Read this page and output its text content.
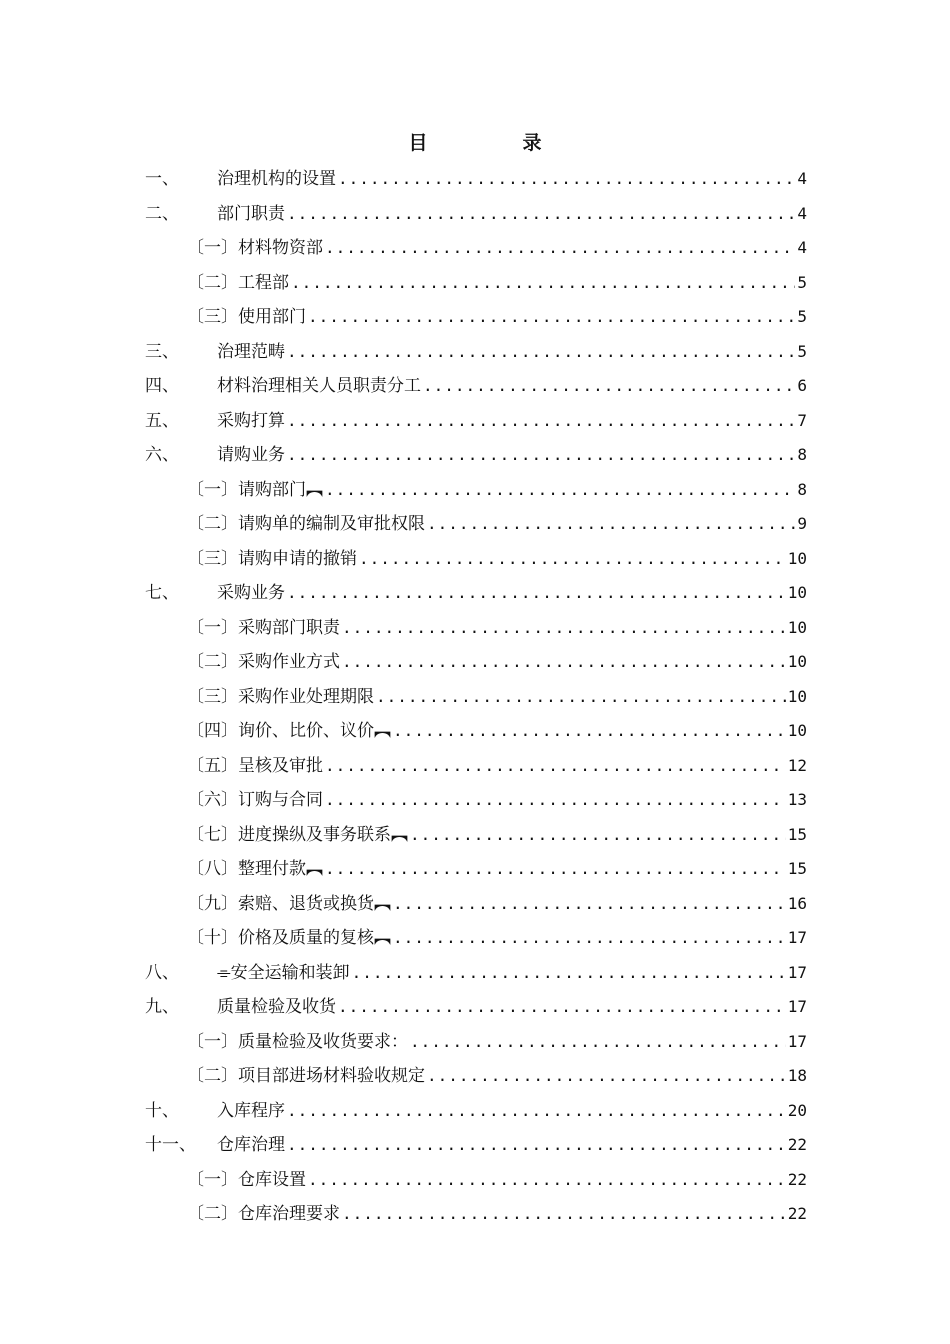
目　录
一、 治理机构的设置 .....	4
二、 部门职责 .....	4
〔一〕材料物资部 .....	4
〔二〕工程部 .....	5
〔三〕使用部门 .....	5
三、 治理范畴 .....	5
四、 材料治理相关人员职责分工 .....	6
五、 采购打算 .....	7
六、 请购业务 .....	8
〔一〕请购部门︻ .....	8
〔二〕请购单的编制及审批权限 .....	9
〔三〕请购申请的撤销 .....	10
七、 采购业务 .....	10
〔一〕采购部门职责 .....	10
〔二〕采购作业方式 .....	10
〔三〕采购作业处理期限 .....	10
〔四〕询价、比价、议价︻ .....	10
〔五〕呈核及审批 .....	12
〔六〕订购与合同 .....	13
〔七〕进度操纵及事务联系︻ .....	15
〔八〕整理付款︻ .....	15
〔九〕索赔、退货或换货︻ .....	16
〔十〕价格及质量的复核︻ .....	17
八、 ⌯安全运输和装卸 .....	17
九、 质量检验及收货 .....	17
〔一〕质量检验及收货要求： .....	17
〔二〕项目部进场材料验收规定 .....	18
十、 入库程序 .....	20
十一、 仓库治理 .....	22
〔一〕仓库设置 .....	22
〔二〕仓库治理要求 .....	22
